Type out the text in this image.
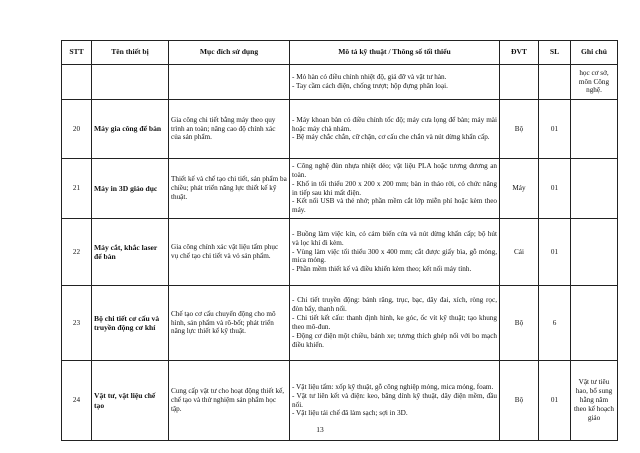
STT	Tên thiết bị	Mục đích sử dụng	Mô tả kỹ thuật / Thông số tối thiểu	ĐVT	SL	Ghi chú

			- Mỏ hàn có điều chỉnh nhiệt độ, giá đỡ và vật tư hàn.
- Tay cầm cách điện, chống trượt; hộp đựng phân loại.			học cơ sở, môn Công nghệ.
20	Máy gia công để bàn	Gia công chi tiết bằng máy theo quy trình an toàn; nâng cao độ chính xác của sản phẩm.	- Máy khoan bàn có điều chỉnh tốc độ; máy cưa lọng để bàn; máy mài hoặc máy chà nhám.
- Bệ máy chắc chắn, cữ chặn, cơ cấu che chắn và nút dừng khẩn cấp.	Bộ	01	
21	Máy in 3D giáo dục	Thiết kế và chế tạo chi tiết, sản phẩm ba chiều; phát triển năng lực thiết kế kỹ thuật.	- Công nghệ đùn nhựa nhiệt dẻo; vật liệu PLA hoặc tương đương an toàn.
- Khổ in tối thiểu 200 x 200 x 200 mm; bàn in tháo rời, có chức năng in tiếp sau khi mất điện.
- Kết nối USB và thẻ nhớ; phần mềm cắt lớp miễn phí hoặc kèm theo máy.	Máy	01	
22	Máy cắt, khắc laser để bàn	Gia công chính xác vật liệu tấm phục vụ chế tạo chi tiết và vỏ sản phẩm.	- Buồng làm việc kín, có cảm biến cửa và nút dừng khẩn cấp; bộ hút và lọc khí đi kèm.
- Vùng làm việc tối thiểu 300 x 400 mm; cắt được giấy bìa, gỗ mỏng, mica mỏng.
- Phần mềm thiết kế và điều khiển kèm theo; kết nối máy tính.	Cái	01	
23	Bộ chi tiết cơ cấu và truyền động cơ khí	Chế tạo cơ cấu chuyển động cho mô hình, sản phẩm và rô-bốt; phát triển năng lực thiết kế kỹ thuật.	- Chi tiết truyền động: bánh răng, trục, bạc, dây đai, xích, ròng rọc, đòn bẩy, thanh nối.
- Chi tiết kết cấu: thanh định hình, ke góc, ốc vít kỹ thuật; tạo khung theo mô-đun.
- Động cơ điện một chiều, bánh xe; tương thích ghép nối với bo mạch điều khiển.	Bộ	6	
24	Vật tư, vật liệu chế tạo	Cung cấp vật tư cho hoạt động thiết kế, chế tạo và thử nghiệm sản phẩm học tập.	- Vật liệu tấm: xốp kỹ thuật, gỗ công nghiệp mỏng, mica mỏng, foam.
- Vật tư liên kết và điện: keo, băng dính kỹ thuật, dây điện mềm, đầu nối.
- Vật liệu tái chế đã làm sạch; sợi in 3D.	Bộ	01	Vật tư tiêu hao, bổ sung hằng năm theo kế hoạch giáo
13
